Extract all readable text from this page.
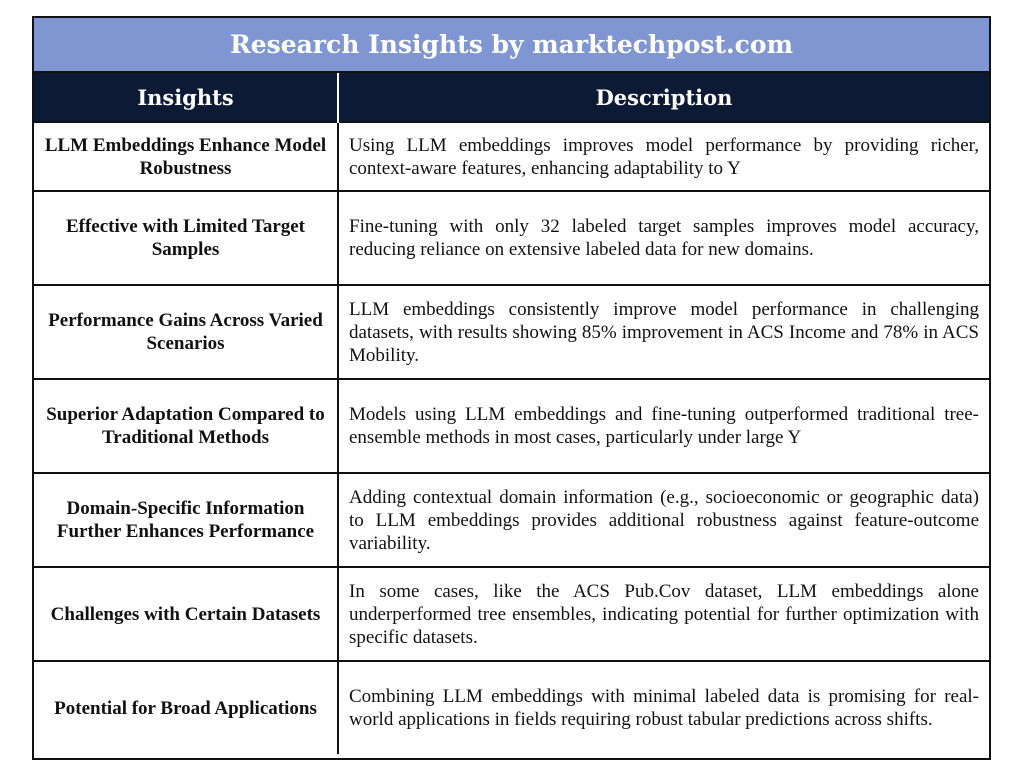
Research Insights by marktechpost.com
Insights	Description
LLM Embeddings Enhance Model Robustness	Using LLM embeddings improves model performance by providing richer, context-aware features, enhancing adaptability to Y
Effective with Limited Target Samples	Fine-tuning with only 32 labeled target samples improves model accuracy, reducing reliance on extensive labeled data for new domains.
Performance Gains Across Varied Scenarios	LLM embeddings consistently improve model performance in challenging datasets, with results showing 85% improvement in ACS Income and 78% in ACS Mobility.
Superior Adaptation Compared to Traditional Methods	Models using LLM embeddings and fine-tuning outperformed traditional tree-ensemble methods in most cases, particularly under large Y
Domain-Specific Information Further Enhances Performance	Adding contextual domain information (e.g., socioeconomic or geographic data) to LLM embeddings provides additional robustness against feature-outcome variability.
Challenges with Certain Datasets	In some cases, like the ACS Pub.Cov dataset, LLM embeddings alone underperformed tree ensembles, indicating potential for further optimization with specific datasets.
Potential for Broad Applications	Combining LLM embeddings with minimal labeled data is promising for real-world applications in fields requiring robust tabular predictions across shifts.
